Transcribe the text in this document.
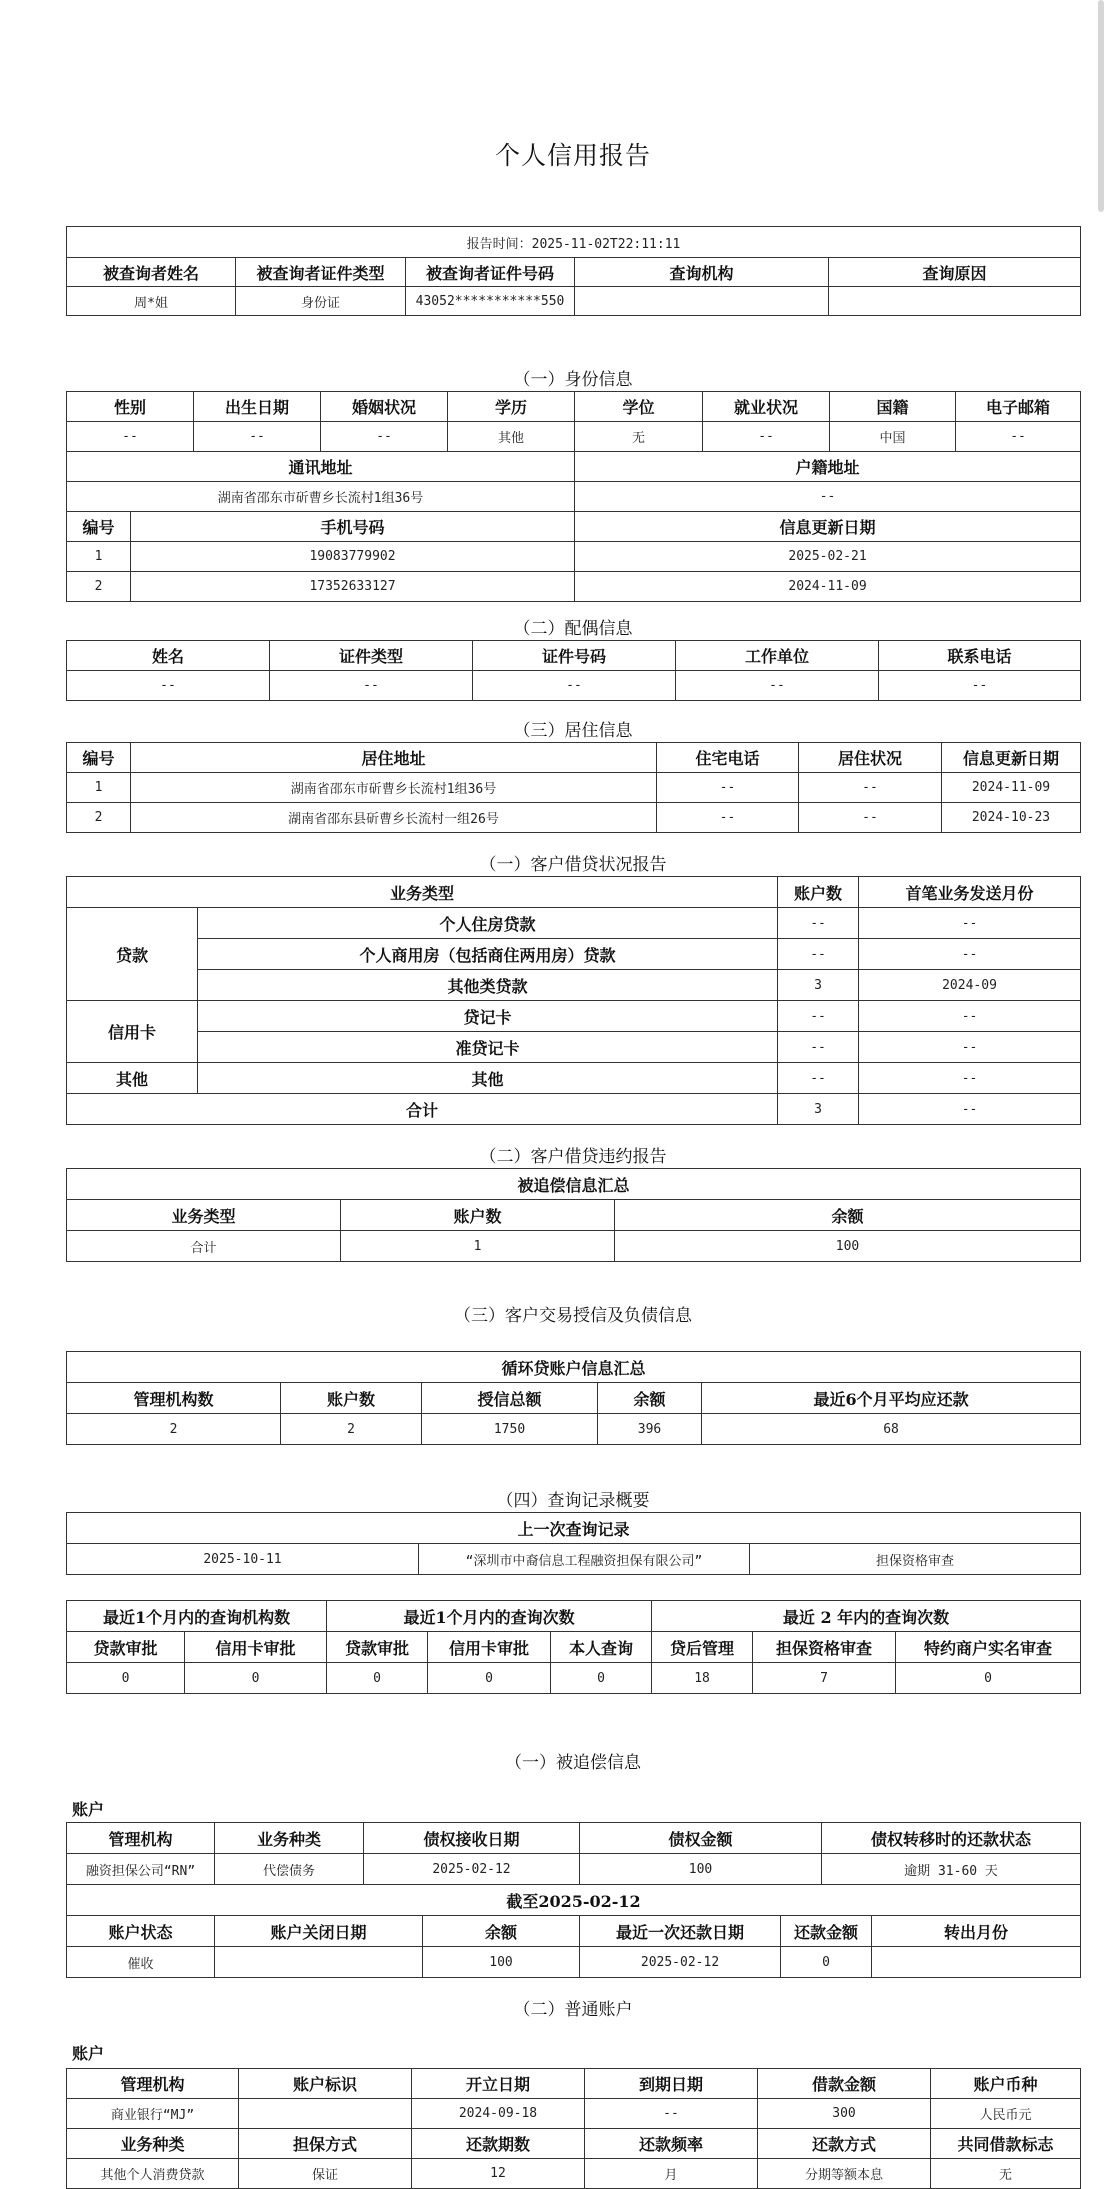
个人信用报告
报告时间：2025-11-02T22:11:11				
被查询者姓名	被查询者证件类型	被查询者证件号码	查询机构	查询原因
周*姐	身份证	43052***********550		
（一）身份信息
性别		出生日期	婚姻状况	学历	学位	就业状况	国籍	电子邮箱
--		--	--	其他	无	--	中国	--
通讯地址					户籍地址			
湖南省邵东市斫曹乡长流村1组36号					--			
编号	手机号码				信息更新日期			
1	19083779902				2025-02-21			
2	17352633127				2024-11-09			
（二）配偶信息
姓名	证件类型	证件号码	工作单位	联系电话
--	--	--	--	--
（三）居住信息
编号	居住地址	住宅电话	居住状况	信息更新日期
1	湖南省邵东市斫曹乡长流村1组36号	--	--	2024-11-09
2	湖南省邵东县斫曹乡长流村一组26号	--	--	2024-10-23
（一）客户借贷状况报告
业务类型		账户数	首笔业务发送月份
贷款	个人住房贷款	--	--
	个人商用房（包括商住两用房）贷款	--	--
	其他类贷款	3	2024-09
信用卡	贷记卡	--	--
	准贷记卡	--	--
其他	其他	--	--
合计		3	--
（二）客户借贷违约报告
被追偿信息汇总		
业务类型	账户数	余额
合计	1	100
（三）客户交易授信及负债信息
循环贷账户信息汇总				
管理机构数	账户数	授信总额	余额	最近6个月平均应还款
2	2	1750	396	68
（四）查询记录概要
上一次查询记录
2025-10-11	“深圳市中裔信息工程融资担保有限公司”	担保资格审查
最近1个月内的查询机构数		最近1个月内的查询次数			最近 2 年内的查询次数		
贷款审批	信用卡审批	贷款审批	信用卡审批	本人查询	贷后管理	担保资格审查	特约商户实名审查
0	0	0	0	0	18	7	0
（一）被追偿信息
账户
管理机构	业务种类	债权接收日期		债权金额		债权转移时的还款状态	
融资担保公司“RN”	代偿债务	2025-02-12		100		逾期 31-60 天	
截至2025-02-12							
账户状态	账户关闭日期		余额	最近一次还款日期	还款金额		转出月份
催收			100	2025-02-12	0		
（二）普通账户
账户
管理机构	账户标识	开立日期	到期日期	借款金额	账户币种
商业银行“MJ”		2024-09-18	--	300	人民币元
业务种类	担保方式	还款期数	还款频率	还款方式	共同借款标志
其他个人消费贷款	保证	12	月	分期等额本息	无
